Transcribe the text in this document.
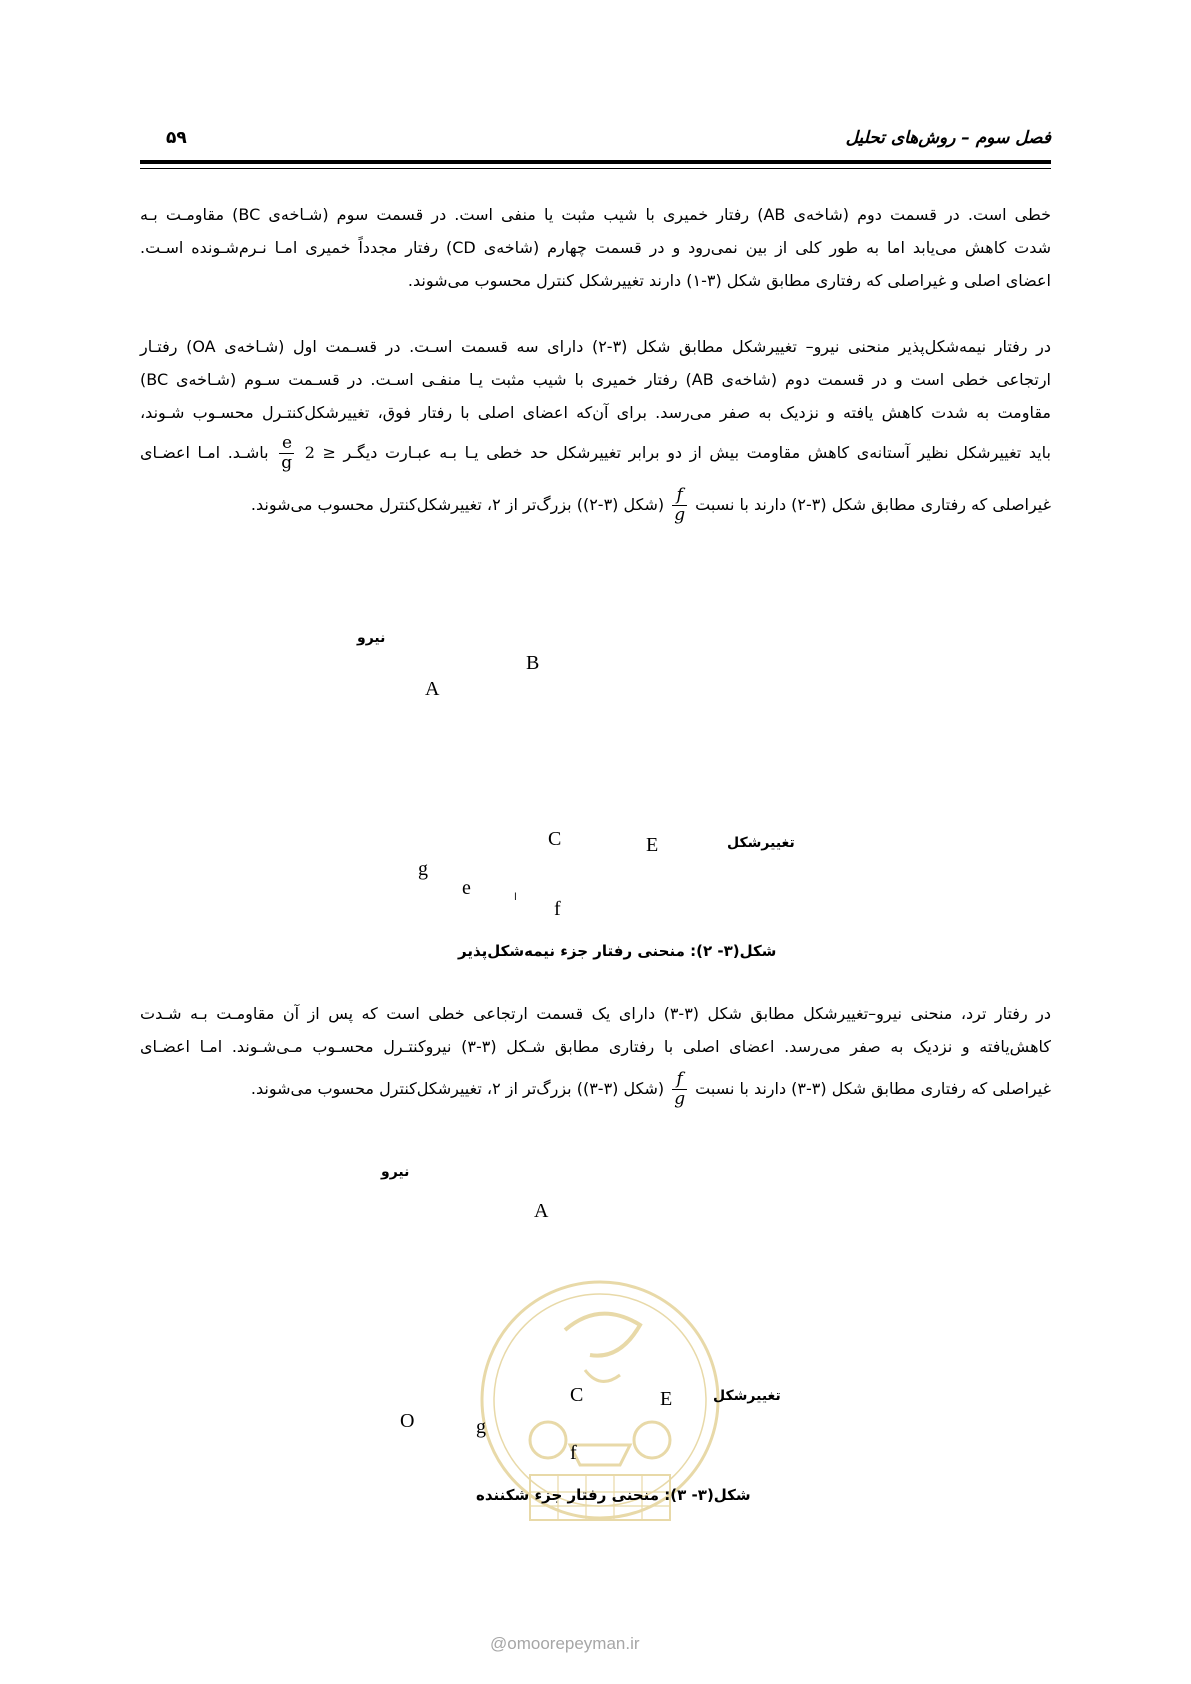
فصل سوم – روش‌های تحلیل
۵۹
خطی است. در قسمت دوم (شاخه‌ی AB) رفتار خمیری با شیب مثبت یا منفی است. در قسمت سوم (شـاخه‌ی BC) مقاومـت بـه
شدت کاهش می‌یابد اما به طور کلی از بین نمی‌رود و در قسمت چهارم (شاخه‌ی CD) رفتار مجدداً خمیری امـا نـرم‌شـونده اسـت.
اعضای اصلی و غیراصلی که رفتاری مطابق شکل (۳-۱) دارند تغییرشکل کنترل محسوب می‌شوند.
در رفتار نیمه‌شکل‌پذیر منحنی نیرو– تغییرشکل مطابق شکل (۳-۲) دارای سه قسمت اسـت. در قسـمت اول (شـاخه‌ی OA) رفتـار
ارتجاعی خطی است و در قسمت دوم (شاخه‌ی AB) رفتار خمیری با شیب مثبت یـا منفـی اسـت. در قسـمت سـوم (شـاخه‌ی BC)
مقاومت به شدت کاهش یافته و نزدیک به صفر می‌رسد. برای آن‌که اعضای اصلی با رفتار فوق، تغییرشکل‌کنتـرل محسـوب شـوند،
باید تغییرشکل نظیر آستانه‌ی کاهش مقاومت بیش از دو برابر تغییرشکل حد خطی یـا بـه عبـارت دیگـر 2 ≥
$\frac{e}{g}$
باشـد. امـا اعضـای
غیراصلی که رفتاری مطابق شکل (۳-۲) دارند با نسبت
$\frac{f}{g}$
(شکل (۳-۲)) بزرگ‌تر از ۲، تغییرشکل‌کنترل محسوب می‌شوند.
نیرو
B
A
تغییرشکل
C	E
g
e	ا
f
شکل(۳- ۲): منحنی رفتار جزء نیمه‌شکل‌پذیر
در رفتار ترد، منحنی نیرو–تغییرشکل مطابق شکل (۳-۳) دارای یک قسمت ارتجاعی خطی است که پس از آن مقاومـت بـه شـدت
کاهش‌یافته و نزدیک به صفر می‌رسد. اعضای اصلی با رفتاری مطابق شـکل (۳-۳) نیروکنتـرل محسـوب مـی‌شـوند. امـا اعضـای
غیراصلی که رفتاری مطابق شکل (۳-۳) دارند با نسبت
$\frac{f}{g}$
(شکل (۳-۳)) بزرگ‌تر از ۲، تغییرشکل‌کنترل محسوب می‌شوند.
@omoorepeyman.ir
نیرو
A
تغییرشکل
C	E
O	g
f
شکل(۳- ۳): منحنی رفتار جزء شکننده
